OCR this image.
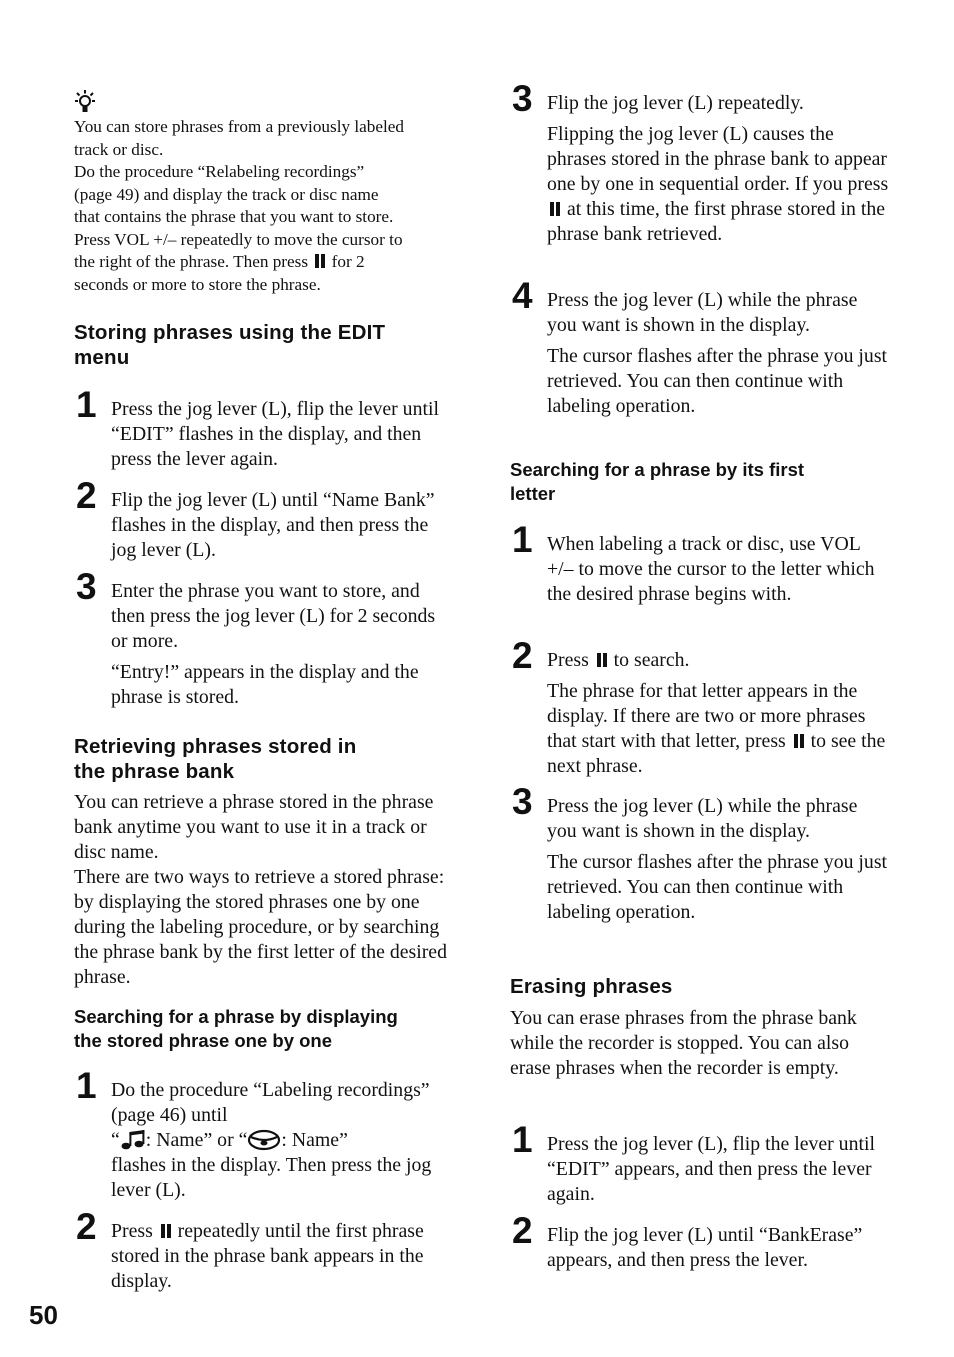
You can store phrases from a previously labeled

track or disc.

Do the procedure “Relabeling recordings”

(page 49) and display the track or disc name

that contains the phrase that you want to store.

Press VOL +/– repeatedly to move the cursor to

the right of the phrase. Then press for 2

seconds or more to store the phrase.

Storing phrases using the EDIT
menu
1 Press the jog lever (L), flip the lever until “EDIT” flashes in the display, and then press the lever again.

2 Flip the jog lever (L) until “Name Bank” flashes in the display, and then press the jog lever (L).

3 Enter the phrase you want to store, and then press the jog lever (L) for 2 seconds or more.

“Entry!” appears in the display and the phrase is stored.

Retrieving phrases stored in
the phrase bank

You can retrieve a phrase stored in the phrase bank anytime you want to use it in a track or disc name.

There are two ways to retrieve a stored phrase: by displaying the stored phrases one by one during the labeling procedure, or by searching the phrase bank by the first letter of the desired phrase.

Searching for a phrase by displaying
the stored phrase one by one
1 Do the procedure “Labeling recordings” (page 46) until

“ : Name” or “ : Name”

flashes in the display. Then press the jog lever (L).

2 Press repeatedly until the first phrase stored in the phrase bank appears in the display.

3 Flip the jog lever (L) repeatedly.

Flipping the jog lever (L) causes the phrases stored in the phrase bank to appear one by one in sequential order. If you press  at this time, the first phrase stored in the phrase bank retrieved.

4 Press the jog lever (L) while the phrase you want is shown in the display.

The cursor flashes after the phrase you just retrieved. You can then continue with labeling operation.

Searching for a phrase by its first
letter
1 When labeling a track or disc, use VOL +/– to move the cursor to the letter which the desired phrase begins with.

2 Press to search.

The phrase for that letter appears in the display. If there are two or more phrases that start with that letter, press to see the next phrase.

3 Press the jog lever (L) while the phrase you want is shown in the display.

The cursor flashes after the phrase you just retrieved. You can then continue with labeling operation.

Erasing phrases

You can erase phrases from the phrase bank while the recorder is stopped. You can also erase phrases when the recorder is empty.

1 Press the jog lever (L), flip the lever until “EDIT” appears, and then press the lever again.

2 Flip the jog lever (L) until “BankErase” appears, and then press the lever.

50
